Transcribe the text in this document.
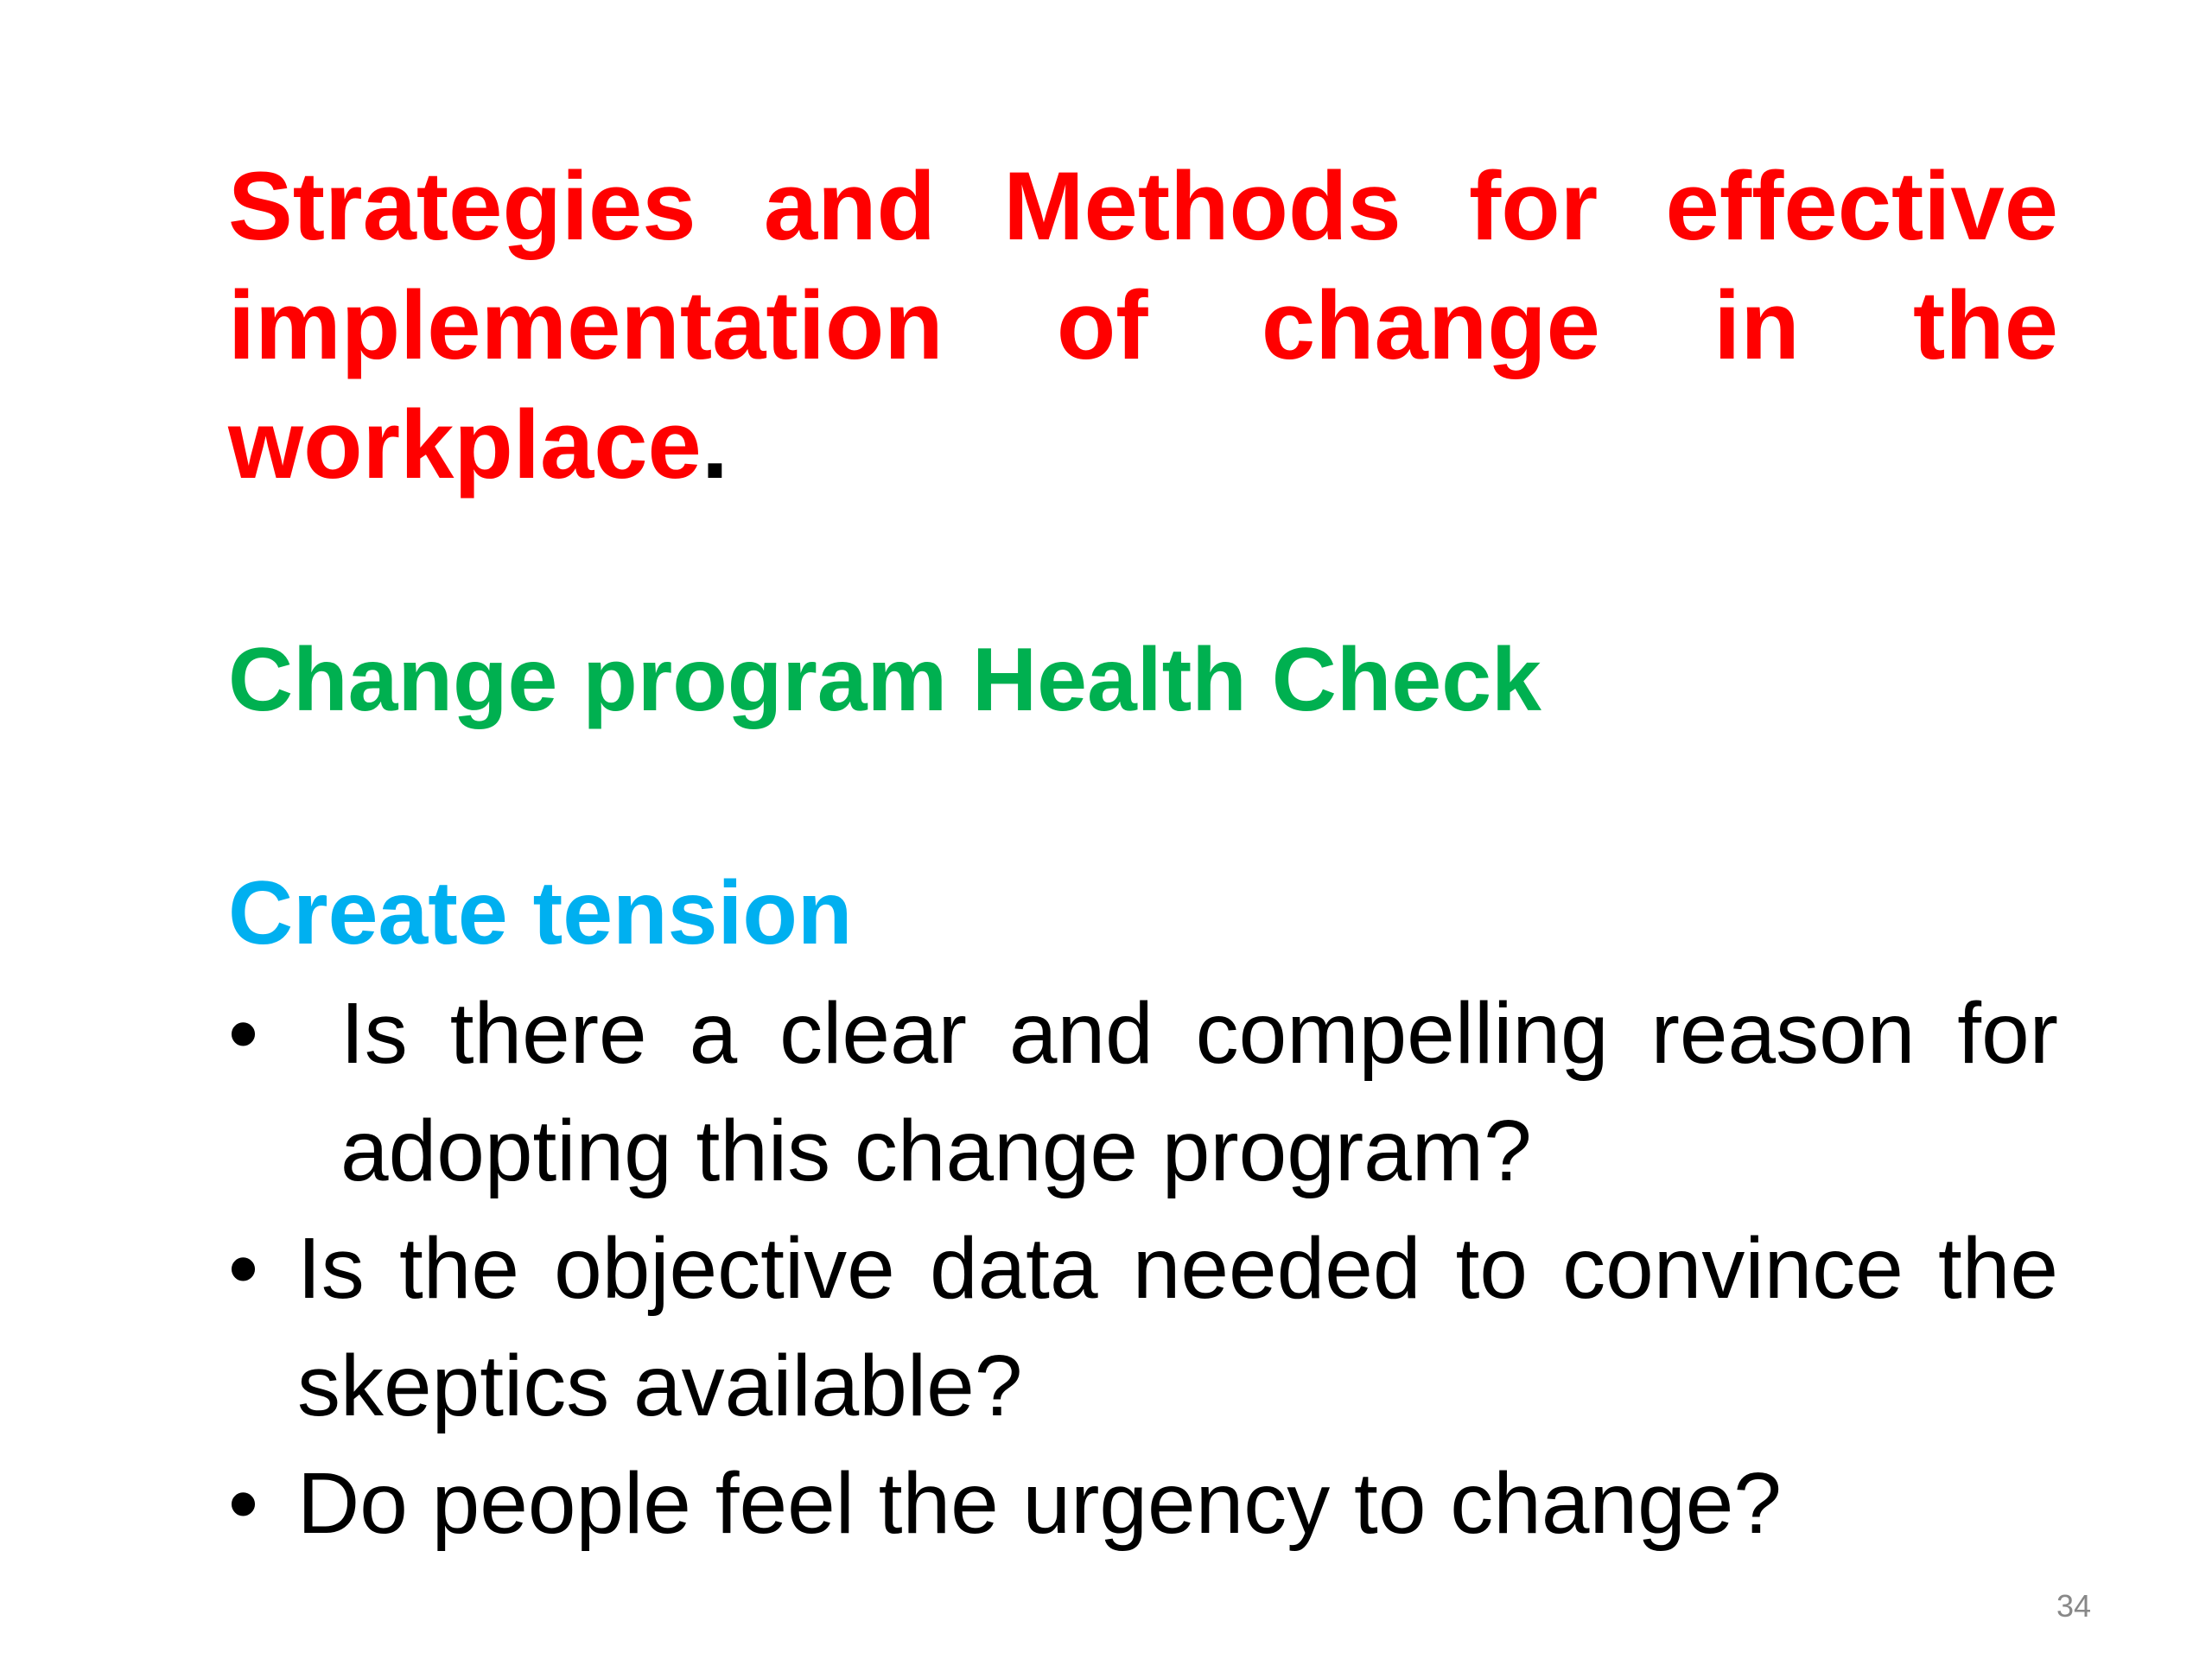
Strategies and Methods for effective implementation of change in the workplace.

Change program Health Check
Create tension
• Is there a clear and compelling reason for adopting this change program?
• Is the objective data needed to convince the skeptics available?
• Do people feel the urgency to change?
34
